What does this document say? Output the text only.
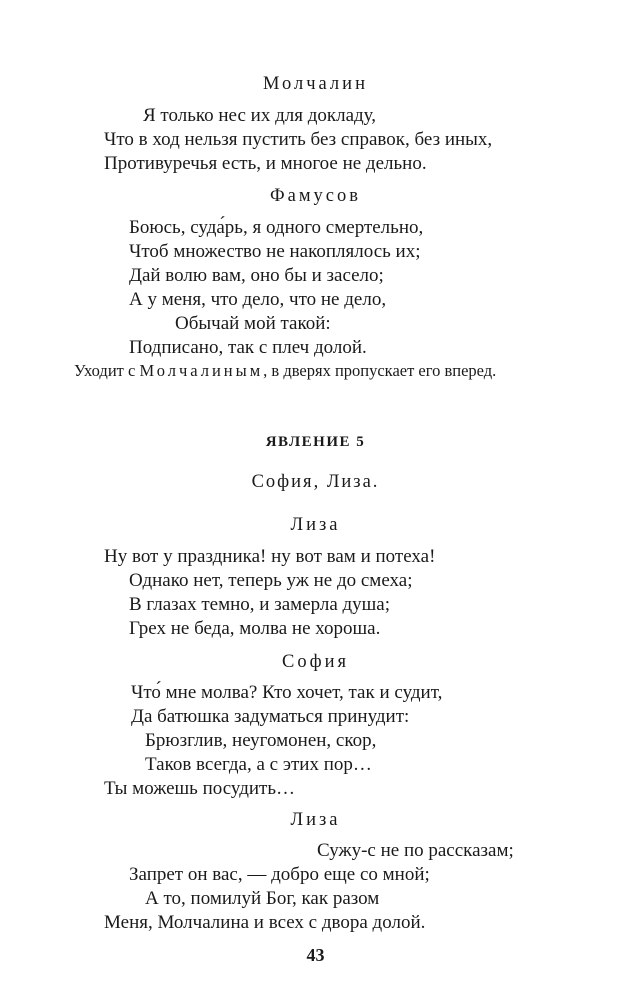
Молчалин
Я только нес их для докладу,
Что в ход нельзя пустить без справок, без иных,
Противуречья есть, и многое не дельно.
Фамусов
Боюсь, суда́рь, я одного смертельно,
Чтоб множество не накоплялось их;
Дай волю вам, оно бы и засело;
А у меня, что дело, что не дело,
Обычай мой такой:
Подписано, так с плеч долой.
Уходит с Молчалиным, в дверях пропускает его вперед.
ЯВЛЕНИЕ 5
София, Лиза.
Лиза
Ну вот у праздника! ну вот вам и потеха!
Однако нет, теперь уж не до смеха;
В глазах темно, и замерла душа;
Грех не беда, молва не хороша.
София
Что́ мне молва? Кто хочет, так и судит,
Да батюшка задуматься принудит:
Брюзглив, неугомонен, скор,
Таков всегда, а с этих пор…
Ты можешь посудить…
Лиза
Сужу-с не по рассказам;
Запрет он вас, — добро еще со мной;
А то, помилуй Бог, как разом
Меня, Молчалина и всех с двора долой.
43
